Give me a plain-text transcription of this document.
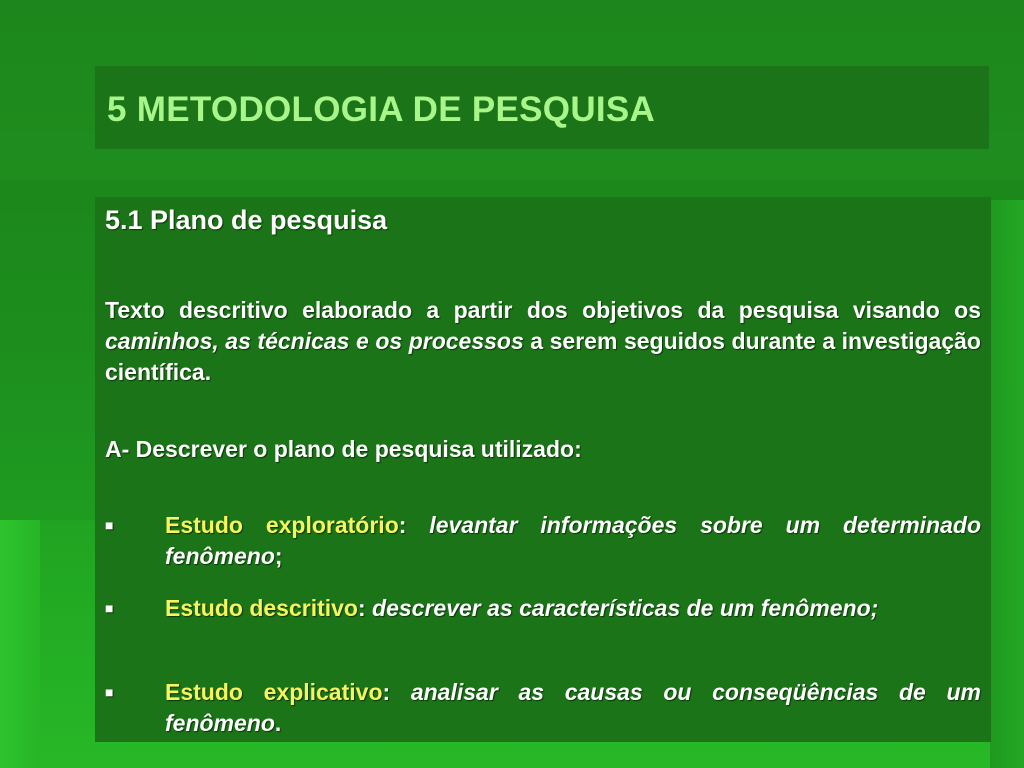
5 METODOLOGIA DE PESQUISA
5.1 Plano de pesquisa
Texto descritivo elaborado a partir dos objetivos da pesquisa visando os caminhos, as técnicas e os processos a serem seguidos durante a investigação científica.
A- Descrever o plano de pesquisa utilizado:
■ Estudo exploratório: levantar informações sobre um determinado fenômeno;
■ Estudo descritivo: descrever as características de um fenômeno;
■ Estudo explicativo: analisar as causas ou conseqüências de um fenômeno.
